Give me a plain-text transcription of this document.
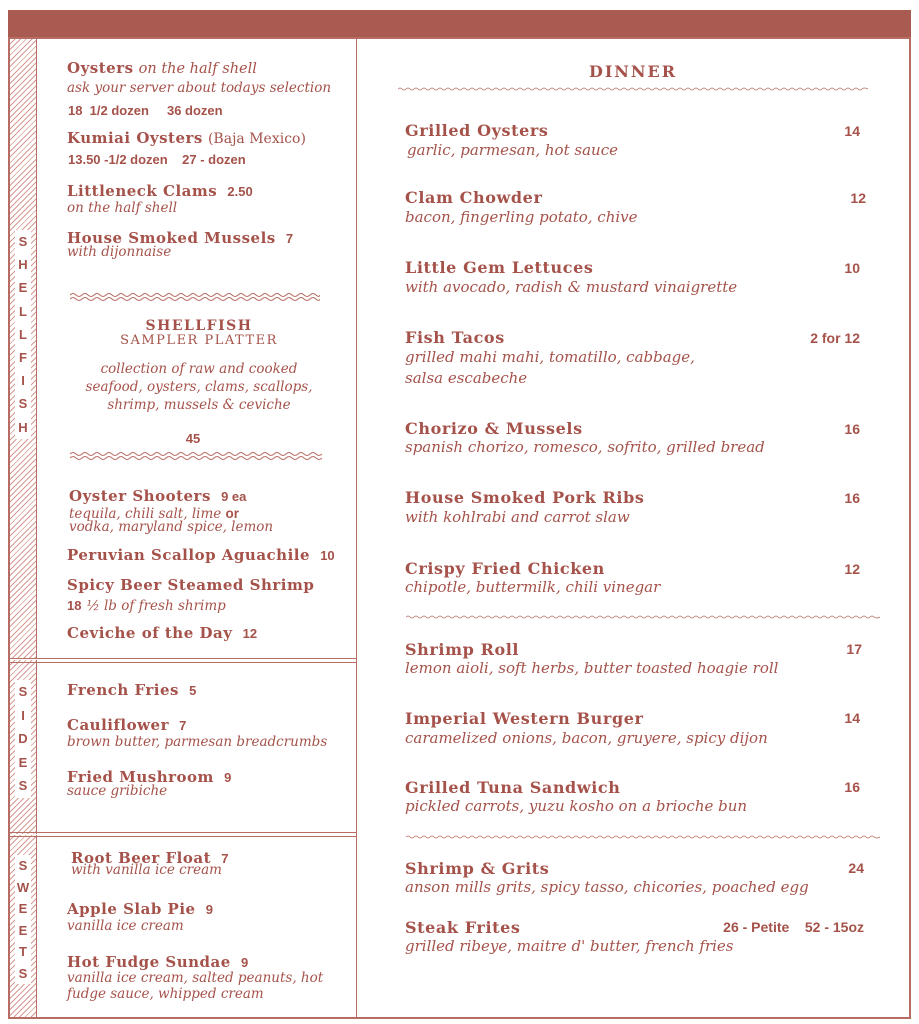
S
H
E
L
L
F
I
S
H
S
I
D
E
S
S
W
E
E
T
S
Oysters on the half shell
ask your server about todays selection
18  1/2 dozen     36 dozen
Kumiai Oysters (Baja Mexico)
13.50 -1/2 dozen    27 - dozen
Littleneck Clams 2.50
on the half shell
House Smoked Mussels 7
with dijonnaise
SHELLFISH
SAMPLER PLATTER
collection of raw and cooked
seafood, oysters, clams, scallops,
shrimp, mussels & ceviche
45
Oyster Shooters 9 ea
tequila, chili salt, lime or
vodka, maryland spice, lemon
Peruvian Scallop Aguachile 10
Spicy Beer Steamed Shrimp
18 ½ lb of fresh shrimp
Ceviche of the Day 12
French Fries 5
Cauliflower 7
brown butter, parmesan breadcrumbs
Fried Mushroom 9
sauce gribiche
Root Beer Float 7
with vanilla ice cream
Apple Slab Pie 9
vanilla ice cream
Hot Fudge Sundae 9
vanilla ice cream, salted peanuts, hot
fudge sauce, whipped cream
DINNER
Grilled Oysters
garlic, parmesan, hot sauce
14
Clam Chowder
bacon, fingerling potato, chive
12
Little Gem Lettuces
with avocado, radish & mustard vinaigrette
10
Fish Tacos
grilled mahi mahi, tomatillo, cabbage,
salsa escabeche
2 for 12
Chorizo & Mussels
spanish chorizo, romesco, sofrito, grilled bread
16
House Smoked Pork Ribs
with kohlrabi and carrot slaw
16
Crispy Fried Chicken
chipotle, buttermilk, chili vinegar
12
Shrimp Roll
lemon aioli, soft herbs, butter toasted hoagie roll
17
Imperial Western Burger
caramelized onions, bacon, gruyere, spicy dijon
14
Grilled Tuna Sandwich
pickled carrots, yuzu kosho on a brioche bun
16
Shrimp & Grits
anson mills grits, spicy tasso, chicories, poached egg
24
Steak Frites
grilled ribeye, maitre d' butter, french fries
26 - Petite    52 - 15oz
